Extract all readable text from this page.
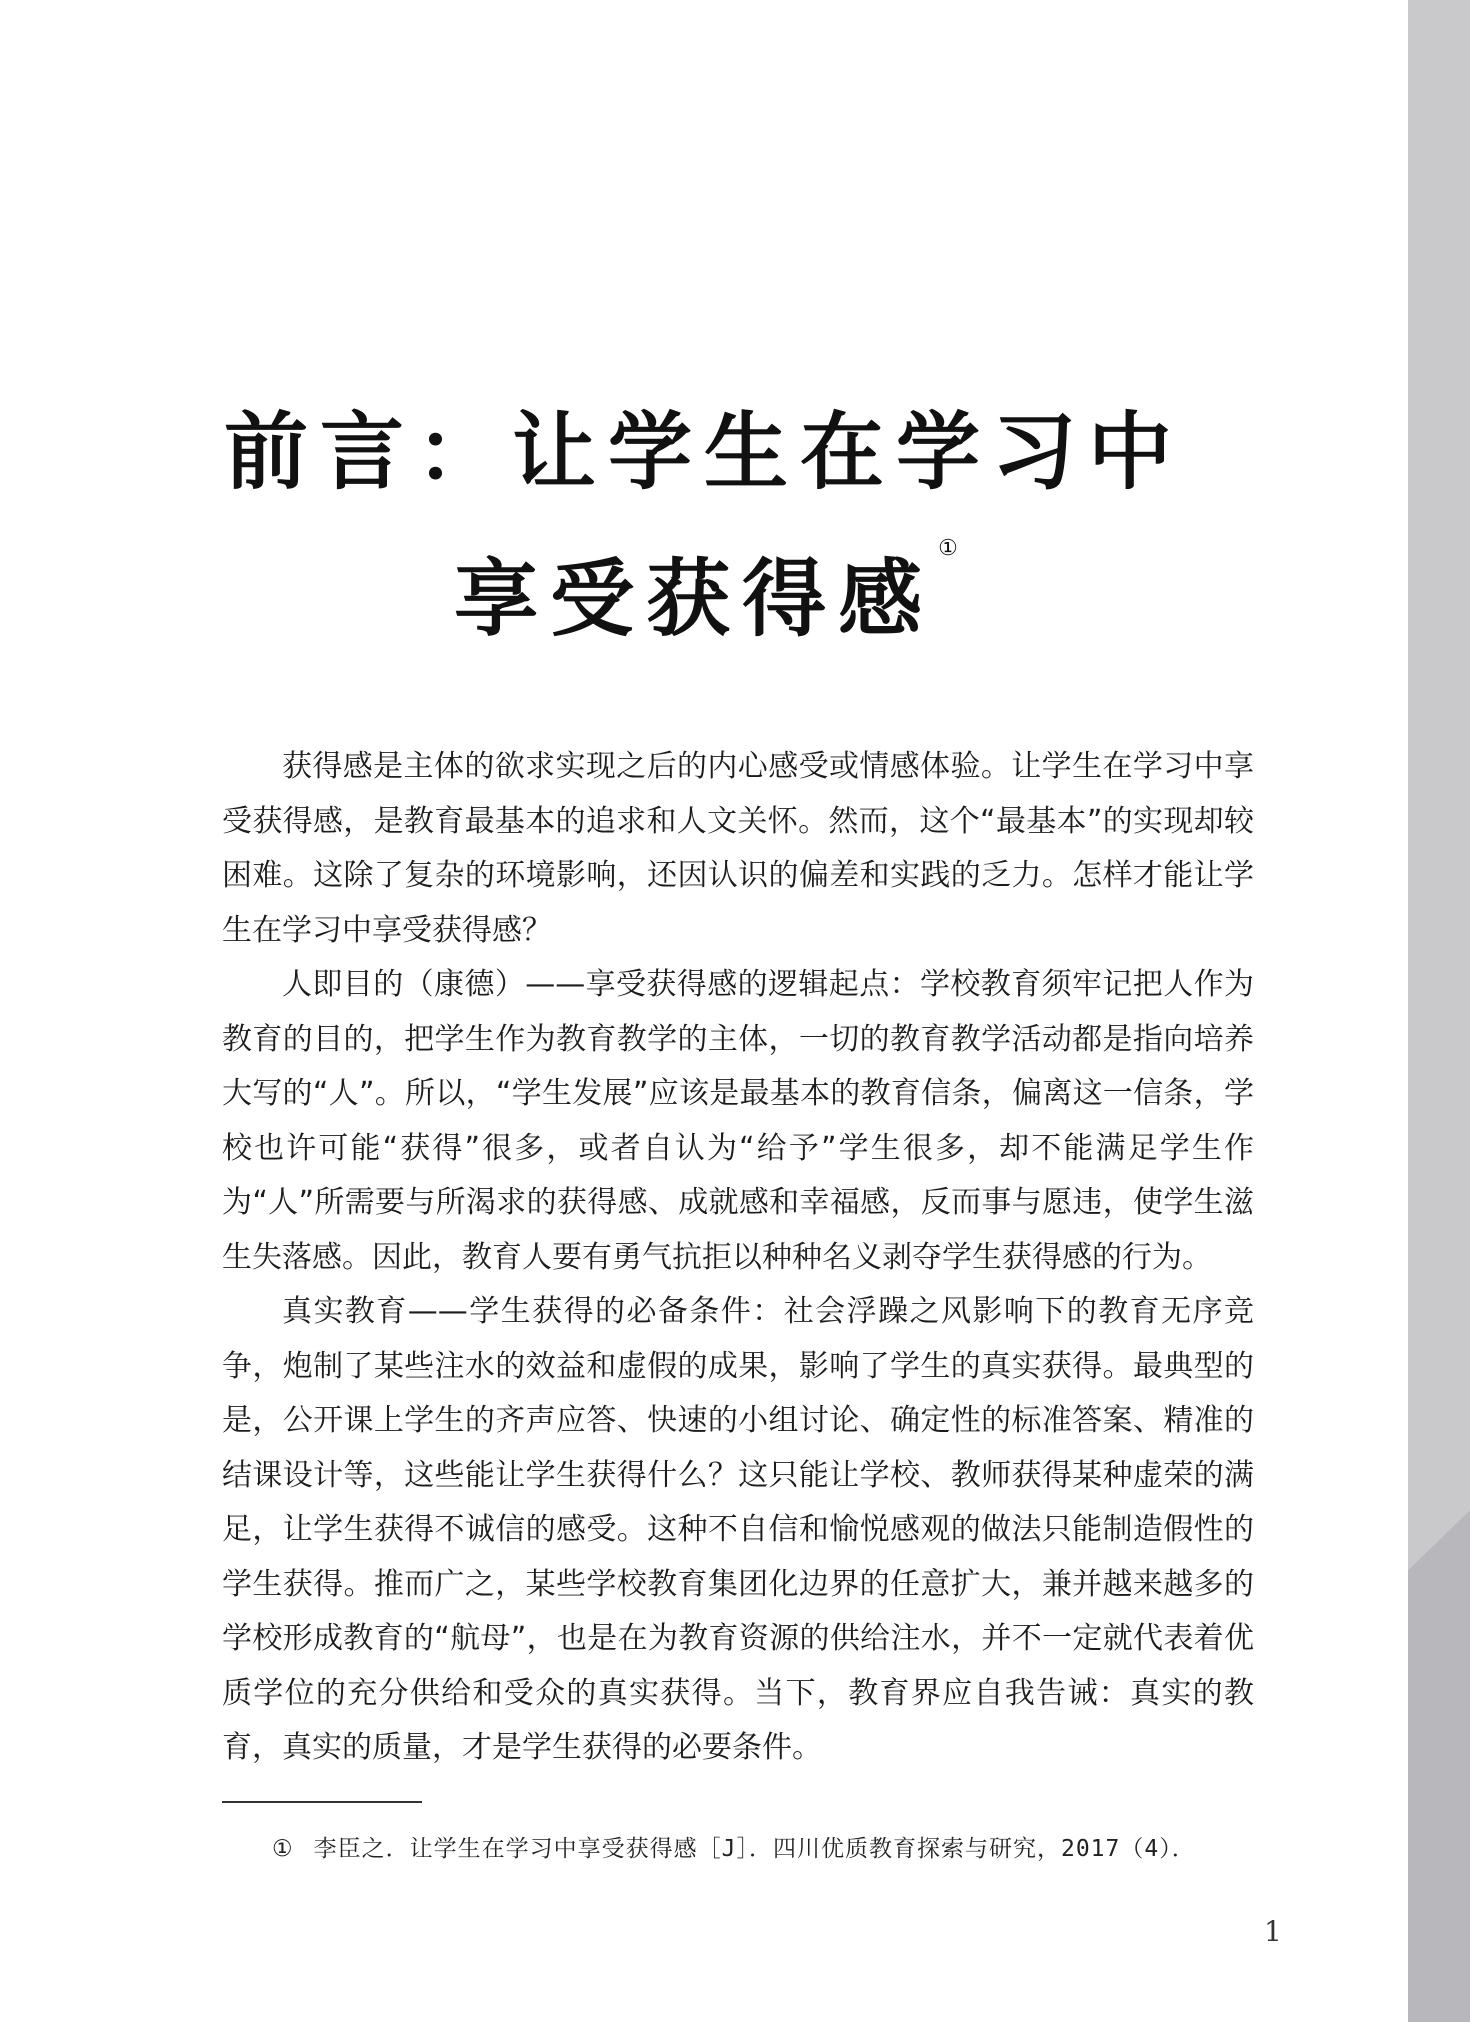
前言：让学生在学习中
享受获得感①

获得感是主体的欲求实现之后的内心感受或情感体验。让学生在学习中享受获得感，是教育最基本的追求和人文关怀。然而，这个“最基本”的实现却较困难。这除了复杂的环境影响，还因认识的偏差和实践的乏力。怎样才能让学生在学习中享受获得感？

人即目的（康德）——享受获得感的逻辑起点：学校教育须牢记把人作为教育的目的，把学生作为教育教学的主体，一切的教育教学活动都是指向培养大写的“人”。所以，“学生发展”应该是最基本的教育信条，偏离这一信条，学校也许可能“获得”很多，或者自认为“给予”学生很多，却不能满足学生作为“人”所需要与所渴求的获得感、成就感和幸福感，反而事与愿违，使学生滋生失落感。因此，教育人要有勇气抗拒以种种名义剥夺学生获得感的行为。

真实教育——学生获得的必备条件：社会浮躁之风影响下的教育无序竞争，炮制了某些注水的效益和虚假的成果，影响了学生的真实获得。最典型的是，公开课上学生的齐声应答、快速的小组讨论、确定性的标准答案、精准的结课设计等，这些能让学生获得什么？这只能让学校、教师获得某种虚荣的满足，让学生获得不诚信的感受。这种不自信和愉悦感观的做法只能制造假性的学生获得。推而广之，某些学校教育集团化边界的任意扩大，兼并越来越多的学校形成教育的“航母”，也是在为教育资源的供给注水，并不一定就代表着优质学位的充分供给和受众的真实获得。当下，教育界应自我告诫：真实的教育，真实的质量，才是学生获得的必要条件。

① 李臣之．让学生在学习中享受获得感［J］．四川优质教育探索与研究，2017（4）．
1
